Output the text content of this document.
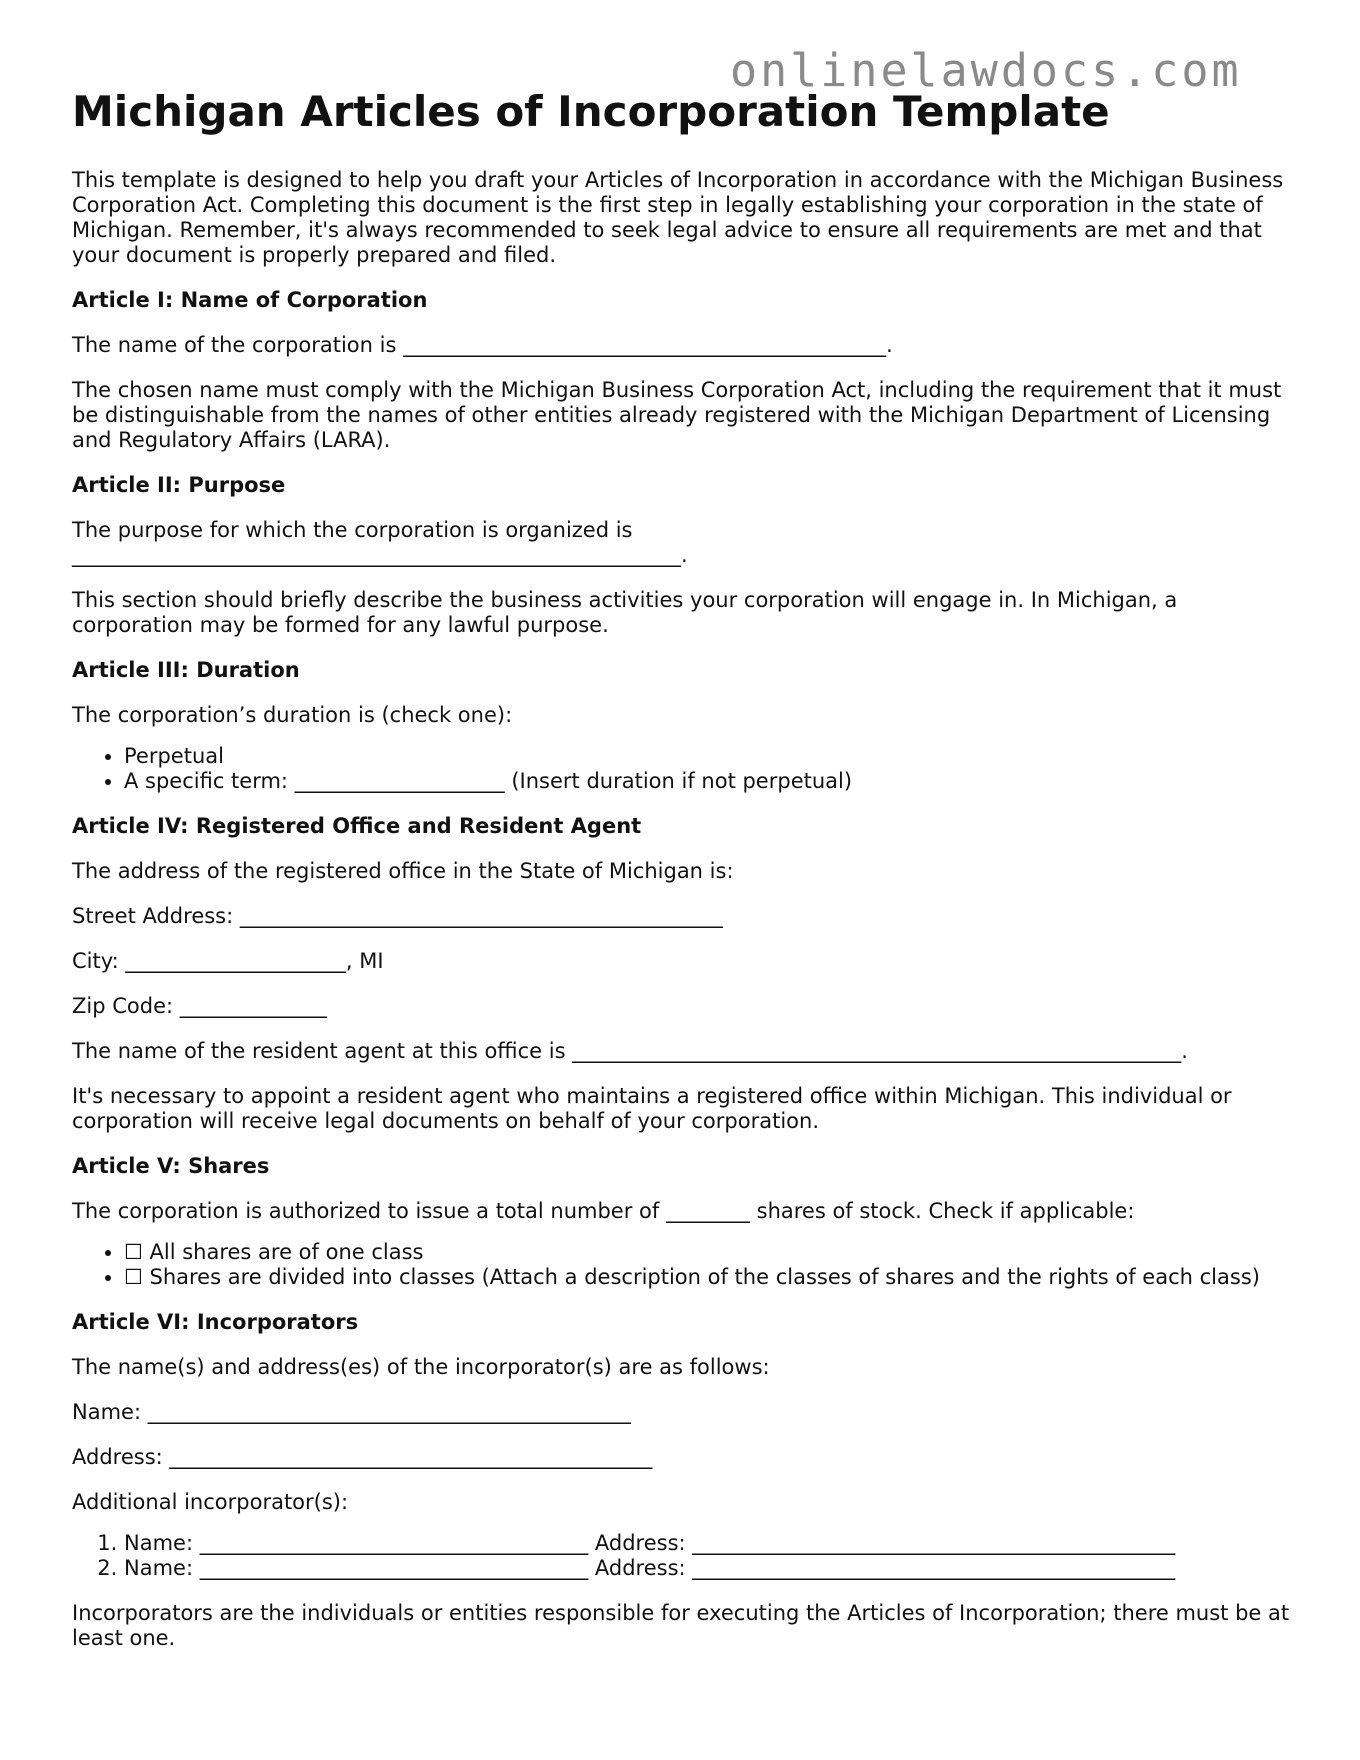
onlinelawdocs.com
Michigan Articles of Incorporation Template

This template is designed to help you draft your Articles of Incorporation in accordance with the Michigan Business Corporation Act. Completing this document is the first step in legally establishing your corporation in the state of Michigan. Remember, it's always recommended to seek legal advice to ensure all requirements are met and that your document is properly prepared and filed.

Article I: Name of Corporation

The name of the corporation is ______________________________________________.

The chosen name must comply with the Michigan Business Corporation Act, including the requirement that it must be distinguishable from the names of other entities already registered with the Michigan Department of Licensing and Regulatory Affairs (LARA).

Article II: Purpose

The purpose for which the corporation is organized is __________________________________________________________.

This section should briefly describe the business activities your corporation will engage in. In Michigan, a corporation may be formed for any lawful purpose.

Article III: Duration

The corporation’s duration is (check one):

• Perpetual
• A specific term: ____________________ (Insert duration if not perpetual)

Article IV: Registered Office and Resident Agent

The address of the registered office in the State of Michigan is:

Street Address: ______________________________________________

City: _____________________, MI

Zip Code: ______________

The name of the resident agent at this office is __________________________________________________________.

It's necessary to appoint a resident agent who maintains a registered office within Michigan. This individual or corporation will receive legal documents on behalf of your corporation.

Article V: Shares

The corporation is authorized to issue a total number of ________ shares of stock. Check if applicable:

• ☐ All shares are of one class
• ☐ Shares are divided into classes (Attach a description of the classes of shares and the rights of each class)

Article VI: Incorporators

The name(s) and address(es) of the incorporator(s) are as follows:

Name: ______________________________________________

Address: ______________________________________________

Additional incorporator(s):

1. Name: _____________________________________ Address: ______________________________________________
2. Name: _____________________________________ Address: ______________________________________________

Incorporators are the individuals or entities responsible for executing the Articles of Incorporation; there must be at least one.
